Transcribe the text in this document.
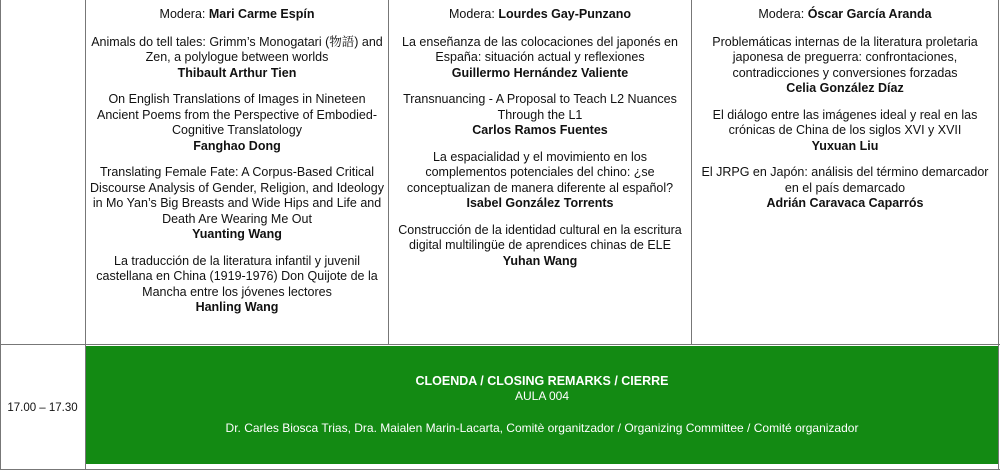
Modera: Mari Carme Espín
Animals do tell tales: Grimm’s Monogatari (物語) and Zen, a polylogue between worlds
Thibault Arthur Tien
On English Translations of Images in Nineteen Ancient Poems from the Perspective of Embodied-Cognitive Translatology
Fanghao Dong
Translating Female Fate: A Corpus-Based Critical Discourse Analysis of Gender, Religion, and Ideology in Mo Yan’s Big Breasts and Wide Hips and Life and Death Are Wearing Me Out
Yuanting Wang
La traducción de la literatura infantil y juvenil castellana en China (1919-1976) Don Quijote de la Mancha entre los jóvenes lectores
Hanling Wang
Modera: Lourdes Gay-Punzano
La enseñanza de las colocaciones del japonés en España: situación actual y reflexiones
Guillermo Hernández Valiente
Transnuancing - A Proposal to Teach L2 Nuances Through the L1
Carlos Ramos Fuentes
La espacialidad y el movimiento en los complementos potenciales del chino: ¿se conceptualizan de manera diferente al español?
Isabel González Torrents
Construcción de la identidad cultural en la escritura digital multilingüe de aprendices chinas de ELE
Yuhan Wang
Modera: Óscar García Aranda
Problemáticas internas de la literatura proletaria japonesa de preguerra: confrontaciones, contradicciones y conversiones forzadas
Celia González Díaz
El diálogo entre las imágenes ideal y real en las crónicas de China de los siglos XVI y XVII
Yuxuan Liu
El JRPG en Japón: análisis del término demarcador en el país demarcado
Adrián Caravaca Caparrós
17.00 – 17.30
CLOENDA / CLOSING REMARKS / CIERRE
AULA 004
Dr. Carles Biosca Trias, Dra. Maialen Marin-Lacarta, Comitè organitzador / Organizing Committee / Comité organizador
